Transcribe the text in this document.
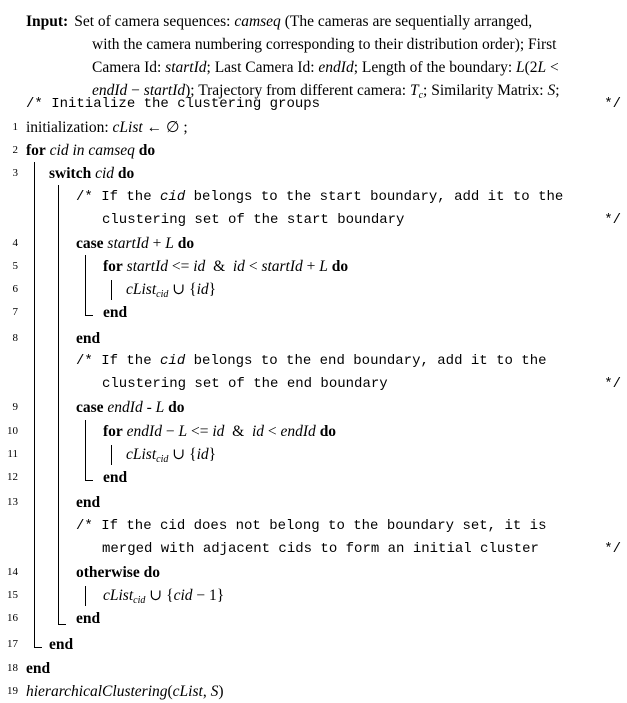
Input: Set of camera sequences: camseq (The cameras are sequentially arranged,
with the camera numbering corresponding to their distribution order); First
Camera Id: startId; Last Camera Id: endId; Length of the boundary: L(2L <
endId − startId); Trajectory from different camera: $T_c$; Similarity Matrix: S;
/* Initialize the clustering groups	*/
1 initialization: cList ← ∅ ;
2 for cid in camseq do
3 switch cid do
/* If the cid belongs to the start boundary, add it to the
clustering set of the start boundary	*/
4	case startId + L do
5	for startId <= id  &  id < startId + L do
6	cList$_{cid}$ ∪ {id}
7	end
8	end
/* If the cid belongs to the end boundary, add it to the
clustering set of the end boundary	*/
9	case endId - L do
10	for endId − L <= id  &  id < endId do
11	cList$_{cid}$ ∪ {id}
12	end
13	end
/* If the cid does not belong to the boundary set, it is
merged with adjacent cids to form an initial cluster	*/
14	otherwise do
15	cList$_{cid}$ ∪ {cid − 1}
16	end
17 end
18 end
19 hierarchicalClustering(cList, S)
